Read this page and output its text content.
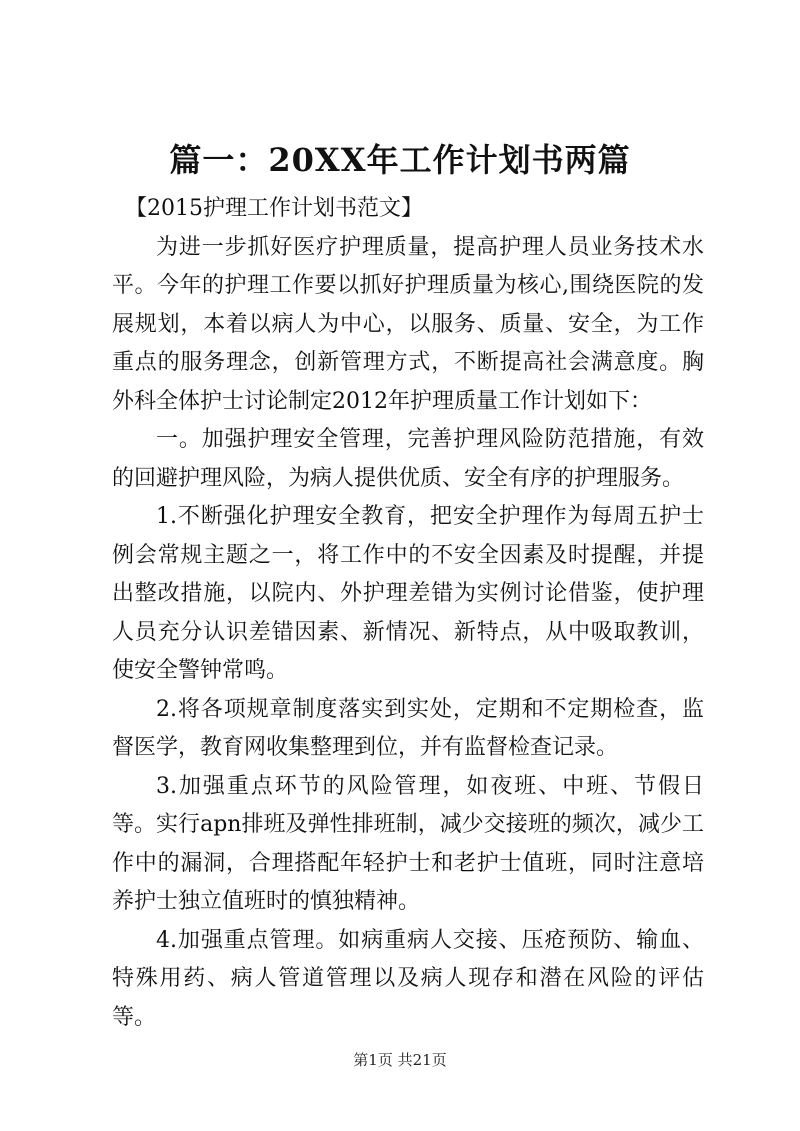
篇一：20XX年工作计划书两篇

【2015护理工作计划书范文】

为进一步抓好医疗护理质量，提高护理人员业务技术水平。今年的护理工作要以抓好护理质量为核心,围绕医院的发展规划，本着以病人为中心，以服务、质量、安全，为工作重点的服务理念，创新管理方式，不断提高社会满意度。胸外科全体护士讨论制定2012年护理质量工作计划如下：

一。加强护理安全管理，完善护理风险防范措施，有效的回避护理风险，为病人提供优质、安全有序的护理服务。

1.不断强化护理安全教育，把安全护理作为每周五护士例会常规主题之一，将工作中的不安全因素及时提醒，并提出整改措施，以院内、外护理差错为实例讨论借鉴，使护理人员充分认识差错因素、新情况、新特点，从中吸取教训，使安全警钟常鸣。

2.将各项规章制度落实到实处，定期和不定期检查，监督医学，教育网收集整理到位，并有监督检查记录。

3.加强重点环节的风险管理，如夜班、中班、节假日等。实行apn排班及弹性排班制，减少交接班的频次，减少工作中的漏洞，合理搭配年轻护士和老护士值班，同时注意培养护士独立值班时的慎独精神。

4.加强重点管理。如病重病人交接、压疮预防、输血、特殊用药、病人管道管理以及病人现存和潜在风险的评估等。

第1页 共21页
